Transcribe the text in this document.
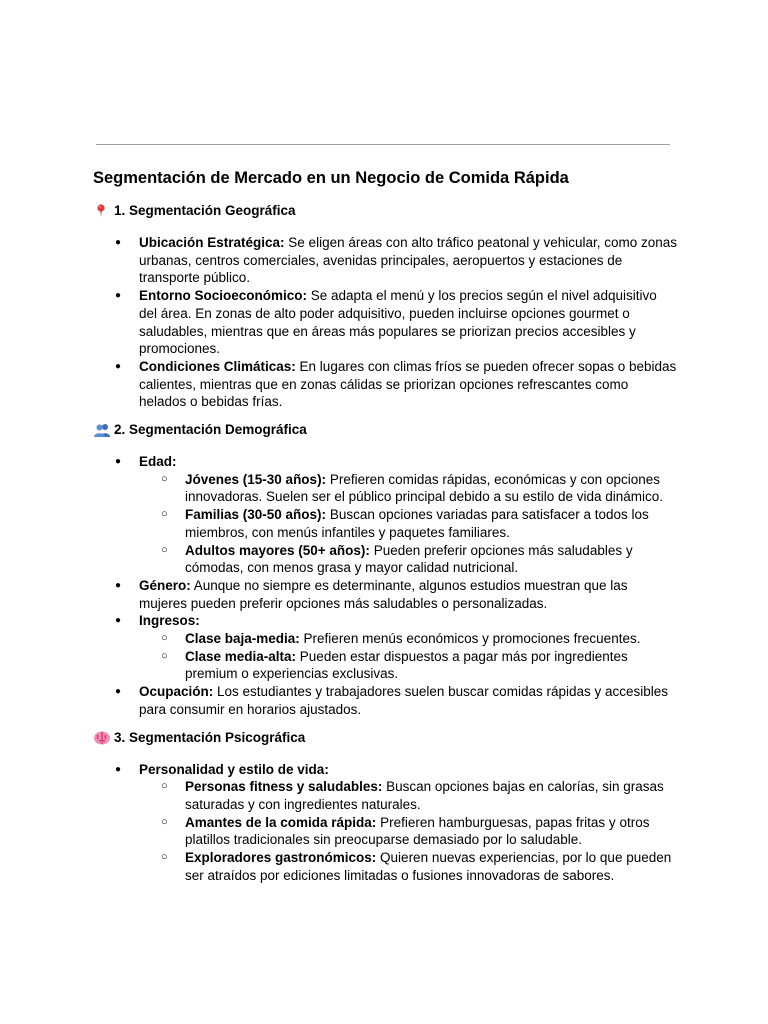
Segmentación de Mercado en un Negocio de Comida Rápida
1. Segmentación Geográfica
● Ubicación Estratégica: Se eligen áreas con alto tráfico peatonal y vehicular, como zonas urbanas, centros comerciales, avenidas principales, aeropuertos y estaciones de transporte público.
● Entorno Socioeconómico: Se adapta el menú y los precios según el nivel adquisitivo del área. En zonas de alto poder adquisitivo, pueden incluirse opciones gourmet o saludables, mientras que en áreas más populares se priorizan precios accesibles y promociones.
● Condiciones Climáticas: En lugares con climas fríos se pueden ofrecer sopas o bebidas calientes, mientras que en zonas cálidas se priorizan opciones refrescantes como helados o bebidas frías.
2. Segmentación Demográfica
● Edad:
○ Jóvenes (15-30 años): Prefieren comidas rápidas, económicas y con opciones innovadoras. Suelen ser el público principal debido a su estilo de vida dinámico.
○ Familias (30-50 años): Buscan opciones variadas para satisfacer a todos los miembros, con menús infantiles y paquetes familiares.
○ Adultos mayores (50+ años): Pueden preferir opciones más saludables y cómodas, con menos grasa y mayor calidad nutricional.
● Género: Aunque no siempre es determinante, algunos estudios muestran que las mujeres pueden preferir opciones más saludables o personalizadas.
● Ingresos:
○ Clase baja-media: Prefieren menús económicos y promociones frecuentes.
○ Clase media-alta: Pueden estar dispuestos a pagar más por ingredientes premium o experiencias exclusivas.
● Ocupación: Los estudiantes y trabajadores suelen buscar comidas rápidas y accesibles para consumir en horarios ajustados.
3. Segmentación Psicográfica
● Personalidad y estilo de vida:
○ Personas fitness y saludables: Buscan opciones bajas en calorías, sin grasas saturadas y con ingredientes naturales.
○ Amantes de la comida rápida: Prefieren hamburguesas, papas fritas y otros platillos tradicionales sin preocuparse demasiado por lo saludable.
○ Exploradores gastronómicos: Quieren nuevas experiencias, por lo que pueden ser atraídos por ediciones limitadas o fusiones innovadoras de sabores.
